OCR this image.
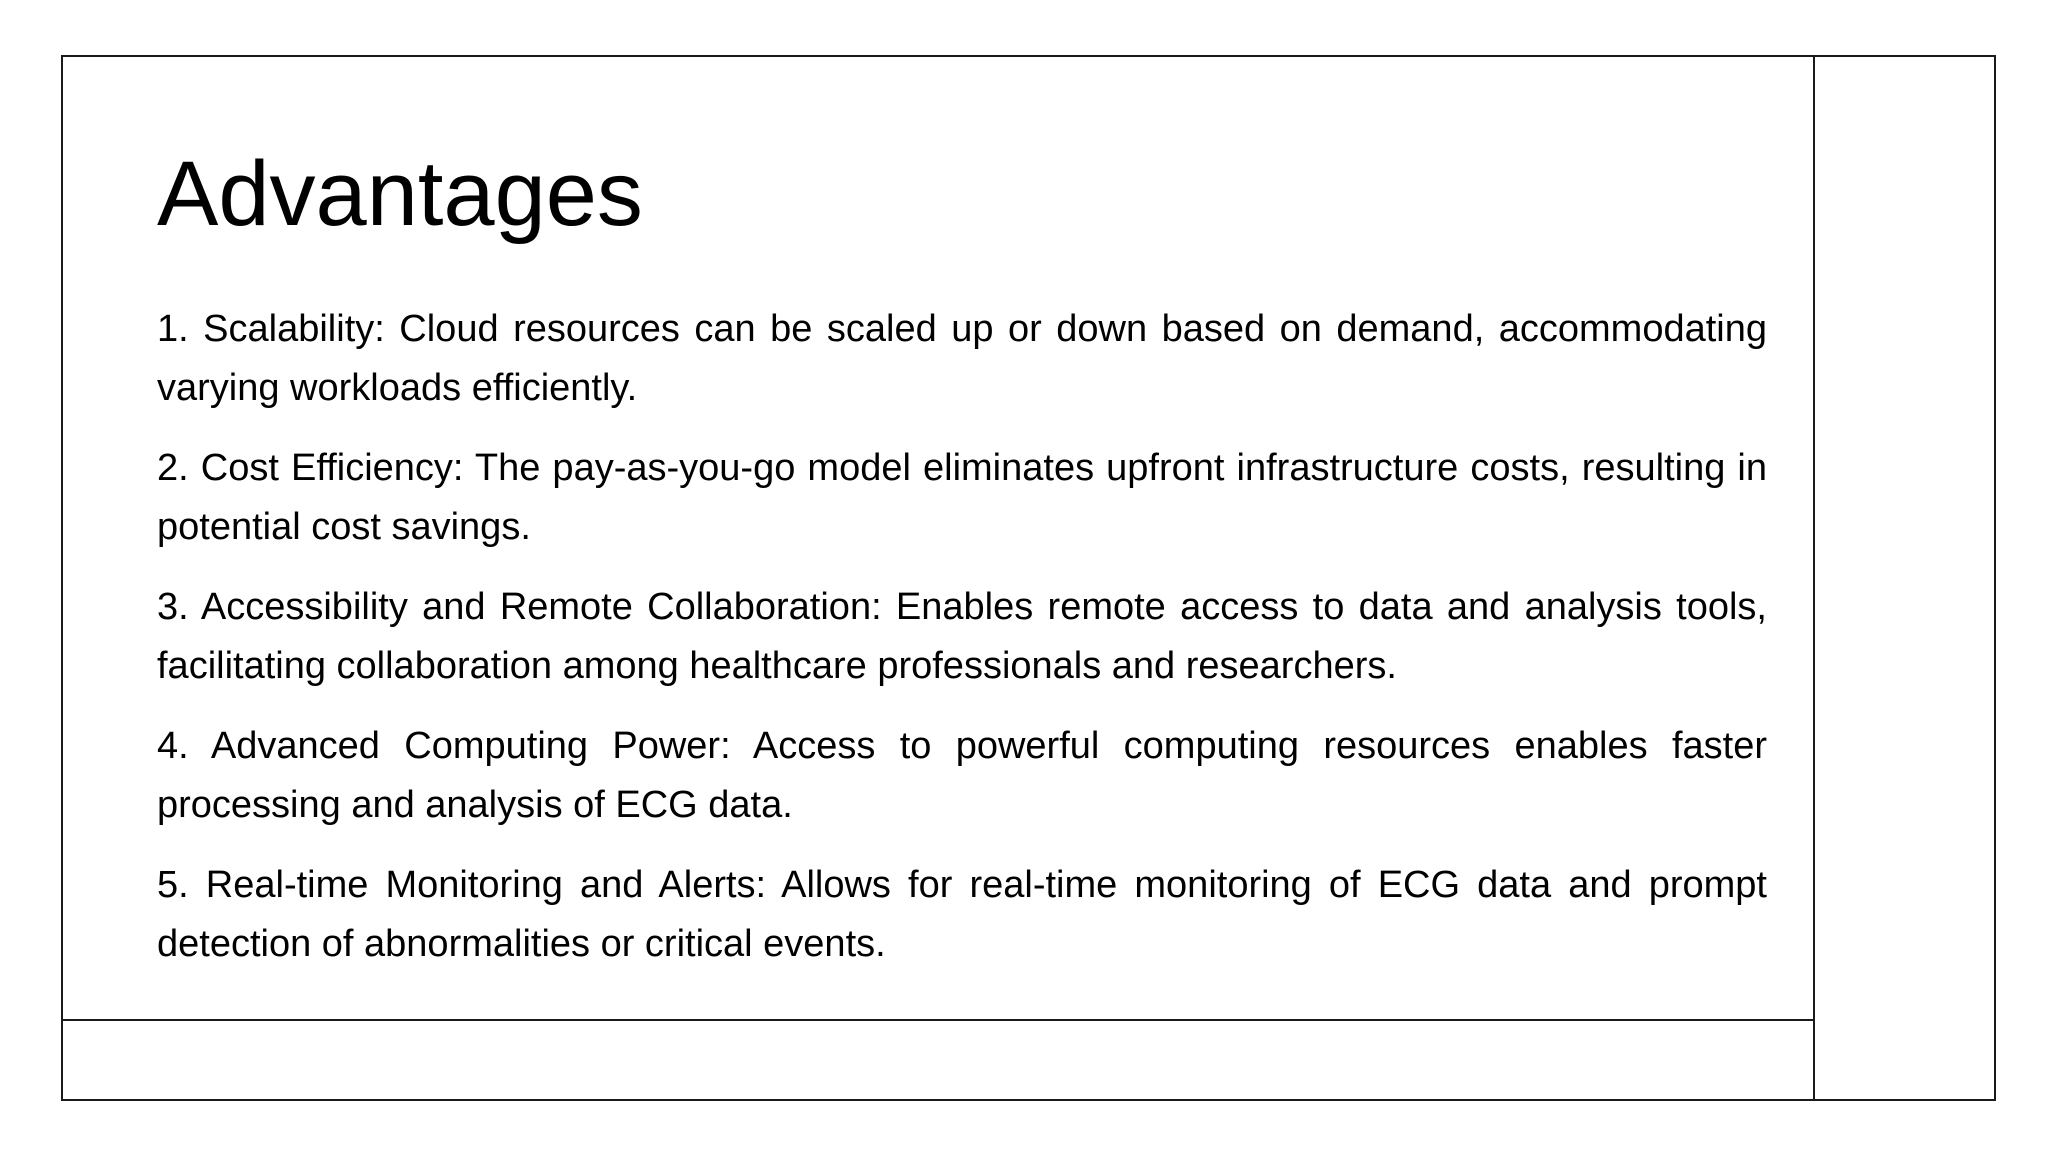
Advantages
1. Scalability: Cloud resources can be scaled up or down based on demand, accommodating varying workloads efficiently.
2. Cost Efficiency: The pay-as-you-go model eliminates upfront infrastructure costs, resulting in potential cost savings.
3. Accessibility and Remote Collaboration: Enables remote access to data and analysis tools, facilitating collaboration among healthcare professionals and researchers.
4. Advanced Computing Power: Access to powerful computing resources enables faster processing and analysis of ECG data.
5. Real-time Monitoring and Alerts: Allows for real-time monitoring of ECG data and prompt detection of abnormalities or critical events.
